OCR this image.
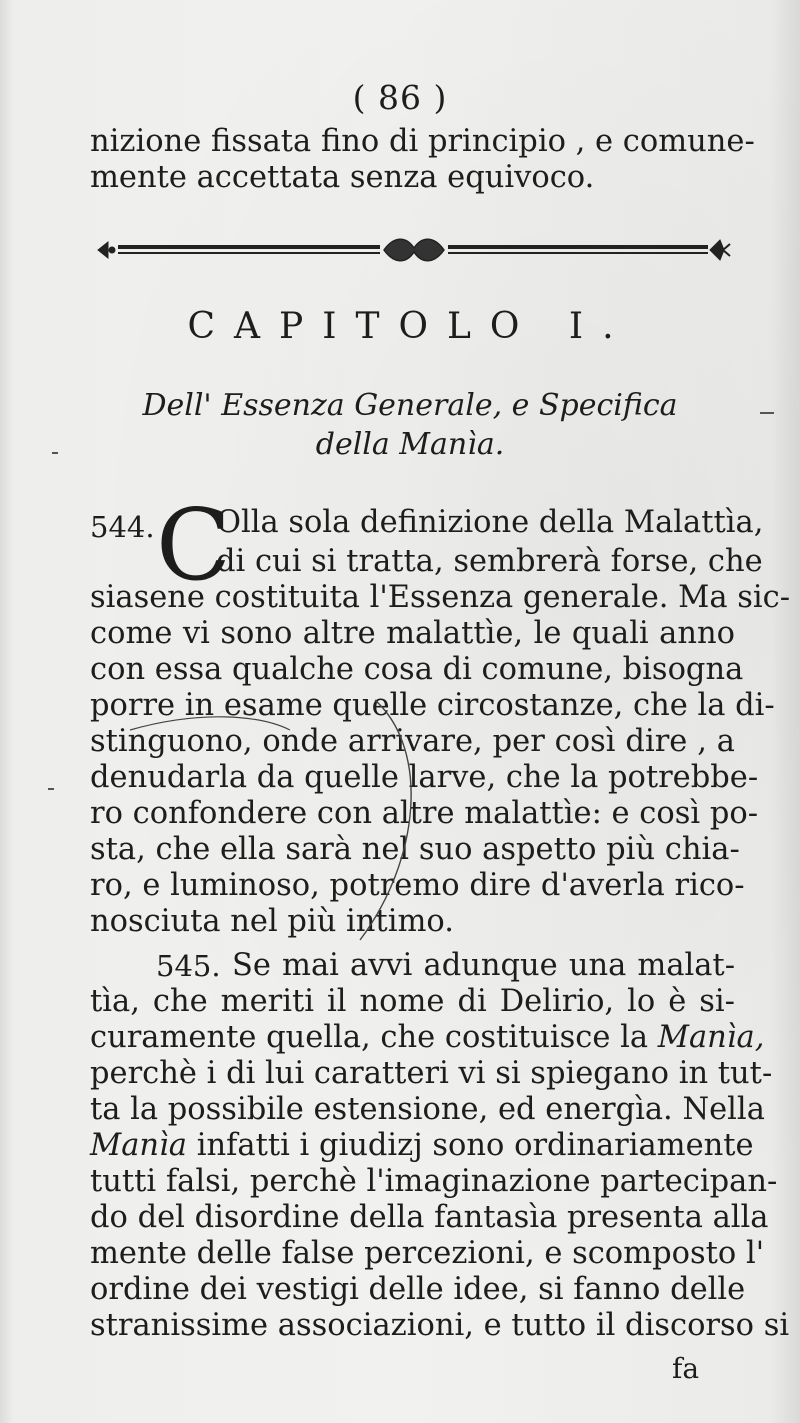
( 86 )
nizione fissata fino di principio , e comune-
mente accettata senza equivoco.
CAPITOLO I.
Dell' Essenza Generale, e Specifica
della Manìa.
544. C
Olla sola definizione della Malattìa,
di cui si tratta, sembrerà forse, che
siasene costituita l'Essenza generale. Ma sic-
come vi sono altre malattìe, le quali anno
con essa qualche cosa di comune, bisogna
porre in esame quelle circostanze, che la di-
stinguono, onde arrivare, per così dire , a
denudarla da quelle larve, che la potrebbe-
ro confondere con altre malattìe: e così po-
sta, che ella sarà nel suo aspetto più chia-
ro, e luminoso, potremo dire d'averla rico-
nosciuta nel più intimo.
545. Se mai avvi adunque una malat-
tìa, che meriti il nome di Delirio, lo è si-
curamente quella, che costituisce la Manìa,
perchè i di lui caratteri vi si spiegano in tut-
ta la possibile estensione, ed energìa. Nella
Manìa infatti i giudizj sono ordinariamente
tutti falsi, perchè l'imaginazione partecipan-
do del disordine della fantasìa presenta alla
mente delle false percezioni, e scomposto l'
ordine dei vestigi delle idee, si fanno delle
stranissime associazioni, e tutto il discorso si
fa
